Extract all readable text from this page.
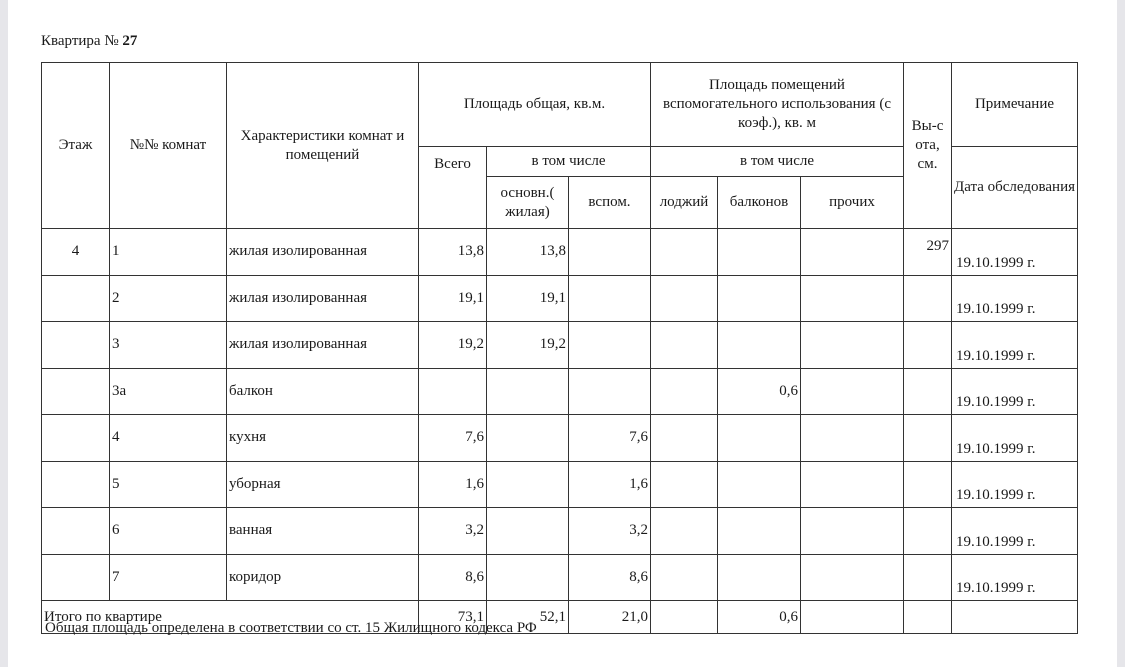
Квартира № 27
Этаж	№№ комнат	Характеристики комнат и помещений	Площадь общая, кв.м.			Площадь помещений вспомогательного использования (с коэф.), кв. м			Вы-сота, см.	Примечание
			Всего	в том числе		в том числе				Дата обследования
				основн.( жилая)	вспом.	лоджий	балконов	прочих		
4	1	жилая изолированная	13,8	13,8					297	19.10.1999 г.
	2	жилая изолированная	19,1	19,1						19.10.1999 г.
	3	жилая изолированная	19,2	19,2						19.10.1999 г.
	3а	балкон					0,6			19.10.1999 г.
	4	кухня	7,6		7,6					19.10.1999 г.
	5	уборная	1,6		1,6					19.10.1999 г.
	6	ванная	3,2		3,2					19.10.1999 г.
	7	коридор	8,6		8,6					19.10.1999 г.
Итого по квартире			73,1	52,1	21,0		0,6			
Общая площадь определена в соответствии со ст. 15 Жилищного кодекса РФ
